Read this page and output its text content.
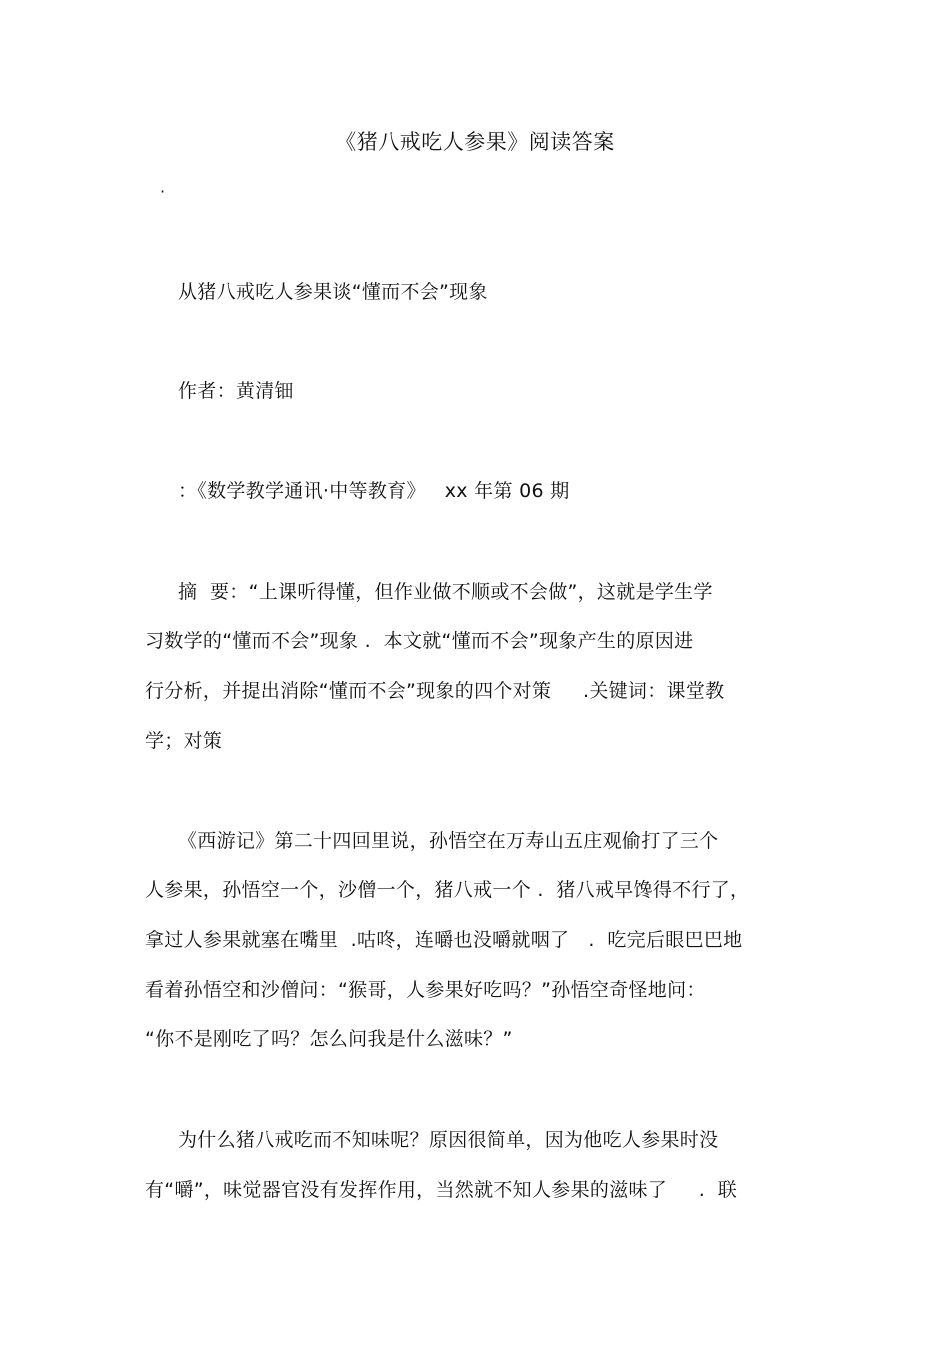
《猪八戒吃人参果》阅读答案
·
从猪八戒吃人参果谈“懂而不会”现象
作者：黄清钿
：《数学教学通讯·中等教育》   xx 年第 06 期
摘  要：“上课听得懂，但作业做不顺或不会做”，这就是学生学
习数学的“懂而不会”现象 .  本文就“懂而不会”现象产生的原因进
行分析，并提出消除“懂而不会”现象的四个对策     .关键词：课堂教
学；对策
《西游记》第二十四回里说，孙悟空在万寿山五庄观偷打了三个
人参果，孙悟空一个，沙僧一个，猪八戒一个 .  猪八戒早馋得不行了，
拿过人参果就塞在嘴里  .咕咚，连嚼也没嚼就咽了   .  吃完后眼巴巴地
看着孙悟空和沙僧问：“猴哥，人参果好吃吗？”孙悟空奇怪地问：
“你不是刚吃了吗？怎么问我是什么滋味？”
为什么猪八戒吃而不知味呢？原因很简单，因为他吃人参果时没
有“嚼”，味觉器官没有发挥作用，当然就不知人参果的滋味了     .  联
